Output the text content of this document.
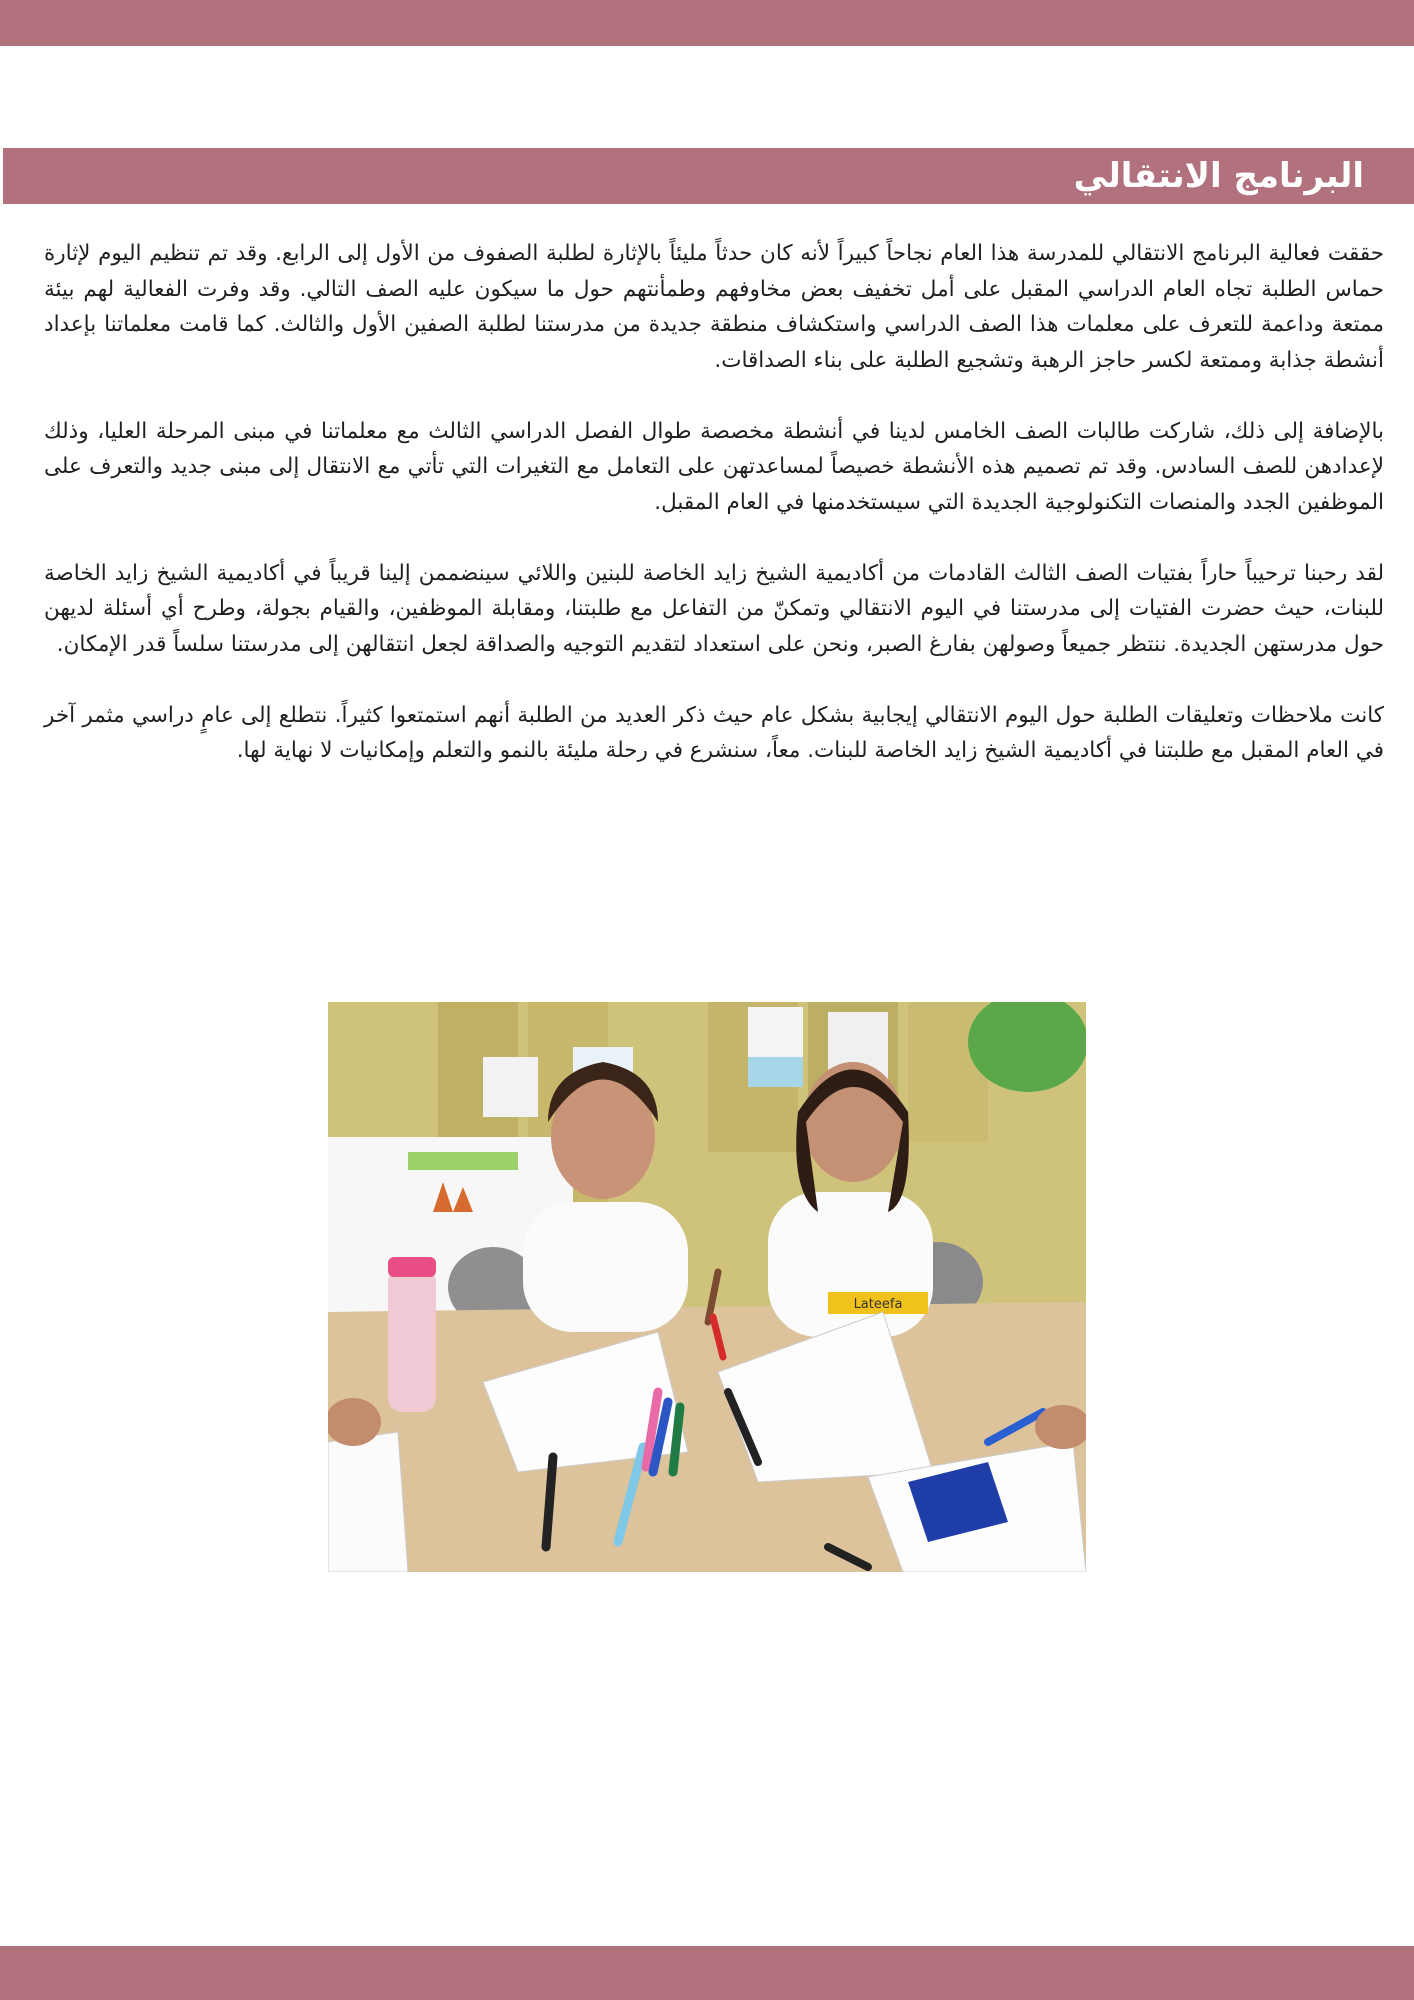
البرنامج الانتقالي

حققت فعالية البرنامج الانتقالي للمدرسة هذا العام نجاحاً كبيراً لأنه كان حدثاً مليئاً بالإثارة لطلبة الصفوف من الأول إلى الرابع. وقد تم تنظيم اليوم لإثارة حماس الطلبة تجاه العام الدراسي المقبل على أمل تخفيف بعض مخاوفهم وطمأنتهم حول ما سيكون عليه الصف التالي. وقد وفرت الفعالية لهم بيئة ممتعة وداعمة للتعرف على معلمات هذا الصف الدراسي واستكشاف منطقة جديدة من مدرستنا لطلبة الصفين الأول والثالث. كما قامت معلماتنا بإعداد أنشطة جذابة وممتعة لكسر حاجز الرهبة وتشجيع الطلبة على بناء الصداقات.

بالإضافة إلى ذلك، شاركت طالبات الصف الخامس لدينا في أنشطة مخصصة طوال الفصل الدراسي الثالث مع معلماتنا في مبنى المرحلة العليا، وذلك لإعدادهن للصف السادس. وقد تم تصميم هذه الأنشطة خصيصاً لمساعدتهن على التعامل مع التغيرات التي تأتي مع الانتقال إلى مبنى جديد والتعرف على الموظفين الجدد والمنصات التكنولوجية الجديدة التي سيستخدمنها في العام المقبل.

لقد رحبنا ترحيباً حاراً بفتيات الصف الثالث القادمات من أكاديمية الشيخ زايد الخاصة للبنين واللائي سينضممن إلينا قريباً في أكاديمية الشيخ زايد الخاصة للبنات، حيث حضرت الفتيات إلى مدرستنا في اليوم الانتقالي وتمكنّ من التفاعل مع طلبتنا، ومقابلة الموظفين، والقيام بجولة، وطرح أي أسئلة لديهن حول مدرستهن الجديدة. ننتظر جميعاً وصولهن بفارغ الصبر، ونحن على استعداد لتقديم التوجيه والصداقة لجعل انتقالهن إلى مدرستنا سلساً قدر الإمكان.

كانت ملاحظات وتعليقات الطلبة حول اليوم الانتقالي إيجابية بشكل عام حيث ذكر العديد من الطلبة أنهم استمتعوا كثيراً. نتطلع إلى عامٍ دراسي مثمر آخر في العام المقبل مع طلبتنا في أكاديمية الشيخ زايد الخاصة للبنات. معاً، سنشرع في رحلة مليئة بالنمو والتعلم وإمكانيات لا نهاية لها.

Lateefa
